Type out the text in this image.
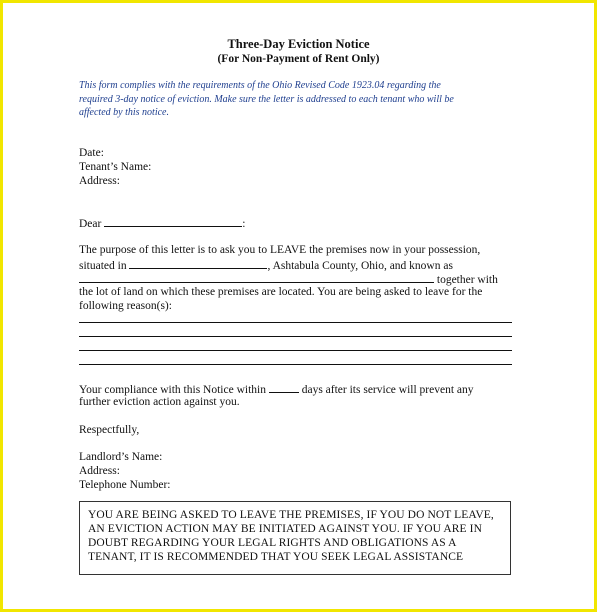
Three-Day Eviction Notice
(For Non-Payment of Rent Only)
This form complies with the requirements of the Ohio Revised Code 1923.04 regarding the
required 3-day notice of eviction. Make sure the letter is addressed to each tenant who will be
affected by this notice.
Date:
Tenant’s Name:
Address:
Dear	:
The purpose of this letter is to ask you to LEAVE the premises now in your possession,
situated in	, Ashtabula County, Ohio, and known as
together with
the lot of land on which these premises are located. You are being asked to leave for the
following reason(s):
Your compliance with this Notice within	days after its service will prevent any
further eviction action against you.
Respectfully,
Landlord’s Name:
Address:
Telephone Number:
YOU ARE BEING ASKED TO LEAVE THE PREMISES, IF YOU DO NOT LEAVE,
AN EVICTION ACTION MAY BE INITIATED AGAINST YOU. IF YOU ARE IN
DOUBT REGARDING YOUR LEGAL RIGHTS AND OBLIGATIONS AS A
TENANT, IT IS RECOMMENDED THAT YOU SEEK LEGAL ASSISTANCE
